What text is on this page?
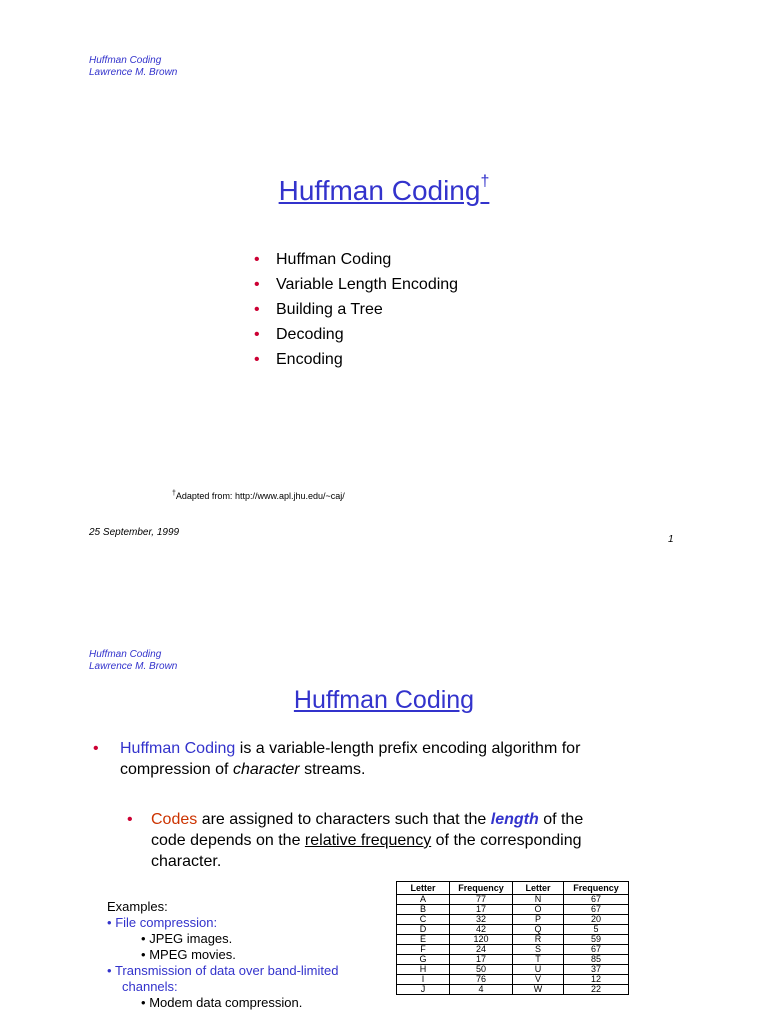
Huffman Coding
Lawrence M. Brown
Huffman Coding†
• Huffman Coding
• Variable Length Encoding
• Building a Tree
• Decoding
• Encoding
†Adapted from: http://www.apl.jhu.edu/~caj/
25 September, 1999
1
Huffman Coding
Lawrence M. Brown
Huffman Coding
•	Huffman Coding is a variable-length prefix encoding algorithm for
compression of character streams.
•	Codes are assigned to characters such that the length of the
code depends on the relative frequency of the corresponding
character.
Examples:
• File compression:
• JPEG images.
• MPEG movies.
• Transmission of data over band-limited
channels:
• Modem data compression.
Letter	Frequency	Letter	Frequency
A	77	N	67
B	17	O	67
C	32	P	20
D	42	Q	5
E	120	R	59
F	24	S	67
G	17	T	85
H	50	U	37
I	76	V	12
J	4	W	22
